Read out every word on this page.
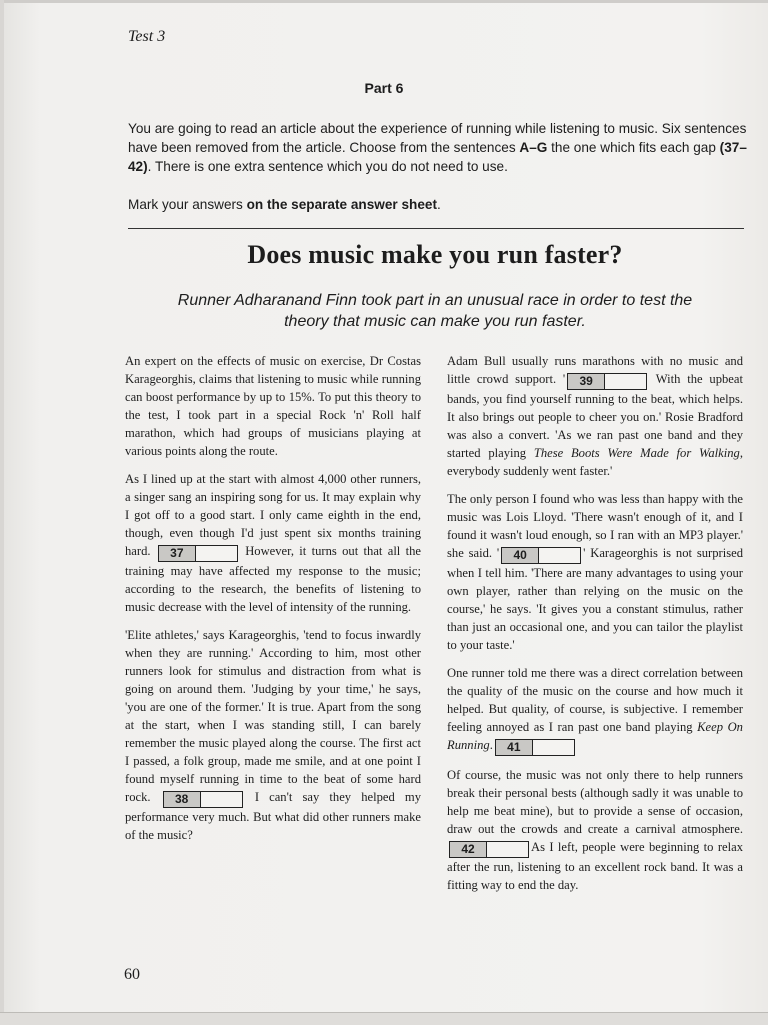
Test 3
Part 6

You are going to read an article about the experience of running while listening to music. Six sentences have been removed from the article. Choose from the sentences A–G the one which fits each gap (37–42). There is one extra sentence which you do not need to use.

Mark your answers on the separate answer sheet.

Does music make you run faster?
Runner Adharanand Finn took part in an unusual race in order to test the theory that music can make you run faster.

An expert on the effects of music on exercise, Dr Costas Karageorghis, claims that listening to music while running can boost performance by up to 15%. To put this theory to the test, I took part in a special Rock 'n' Roll half marathon, which had groups of musicians playing at various points along the route.

As I lined up at the start with almost 4,000 other runners, a singer sang an inspiring song for us. It may explain why I got off to a good start. I only came eighth in the end, though, even though I'd just spent six months training hard. 37	However, it turns out that all the training may have affected my response to the music; according to the research, the benefits of listening to music decrease with the level of intensity of the running.

'Elite athletes,' says Karageorghis, 'tend to focus inwardly when they are running.' According to him, most other runners look for stimulus and distraction from what is going on around them. 'Judging by your time,' he says, 'you are one of the former.' It is true. Apart from the song at the start, when I was standing still, I can barely remember the music played along the course. The first act I passed, a folk group, made me smile, and at one point I found myself running in time to the beat of some hard rock. 38	I can't say they helped my performance very much. But what did other runners make of the music?

Adam Bull usually runs marathons with no music and little crowd support. ' 39	With the upbeat bands, you find yourself running to the beat, which helps. It also brings out people to cheer you on.' Rosie Bradford was also a convert. 'As we ran past one band and they started playing These Boots Were Made for Walking, everybody suddenly went faster.'

The only person I found who was less than happy with the music was Lois Lloyd. 'There wasn't enough of it, and I found it wasn't loud enough, so I ran with an MP3 player.' she said. ' 40	' Karageorghis is not surprised when I tell him. 'There are many advantages to using your own player, rather than relying on the music on the course,' he says. 'It gives you a constant stimulus, rather than just an occasional one, and you can tailor the playlist to your taste.'

One runner told me there was a direct correlation between the quality of the music on the course and how much it helped. But quality, of course, is subjective. I remember feeling annoyed as I ran past one band playing Keep On Running. 41

Of course, the music was not only there to help runners break their personal bests (although sadly it was unable to help me beat mine), but to provide a sense of occasion, draw out the crowds and create a carnival atmosphere. 42	As I left, people were beginning to relax after the run, listening to an excellent rock band. It was a fitting way to end the day.

60
